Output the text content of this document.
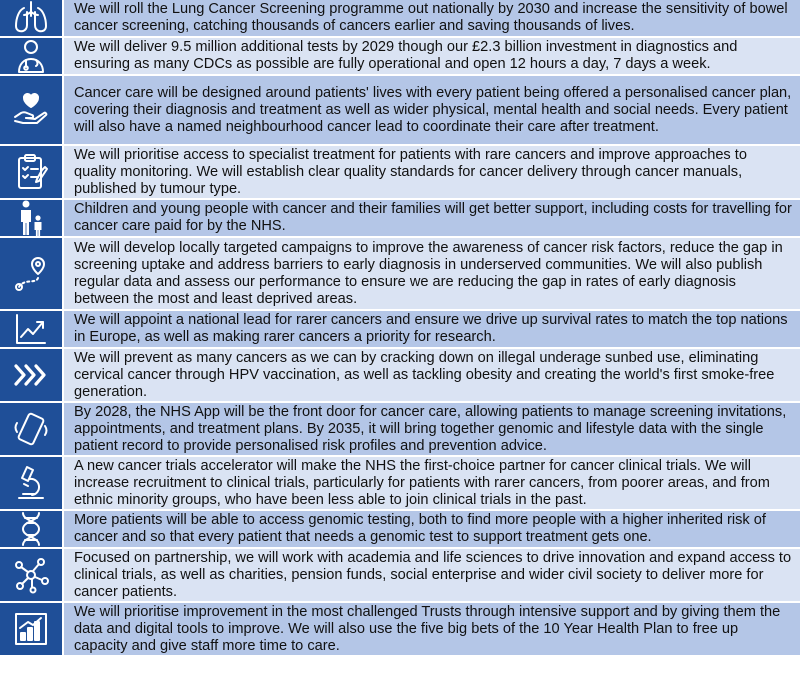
We will roll the Lung Cancer Screening programme out nationally by 2030 and increase the sensitivity of bowel cancer screening, catching thousands of cancers earlier and saving thousands of lives.
We will deliver 9.5 million additional tests by 2029 though our £2.3 billion investment in diagnostics and ensuring as many CDCs as possible are fully operational and open 12 hours a day, 7 days a week.
Cancer care will be designed around patients' lives with every patient being offered a personalised cancer plan, covering their diagnosis and treatment as well as wider physical, mental health and social needs. Every patient will also have a named neighbourhood cancer lead to coordinate their care after treatment.
We will prioritise access to specialist treatment for patients with rare cancers and improve approaches to quality monitoring. We will establish clear quality standards for cancer delivery through cancer manuals, published by tumour type.
Children and young people with cancer and their families will get better support, including costs for travelling for cancer care paid for by the NHS.
We will develop locally targeted campaigns to improve the awareness of cancer risk factors, reduce the gap in screening uptake and address barriers to early diagnosis in underserved communities. We will also publish regular data and assess our performance to ensure we are reducing the gap in rates of early diagnosis between the most and least deprived areas.
We will appoint a national lead for rarer cancers and ensure we drive up survival rates to match the top nations in Europe, as well as making rarer cancers a priority for research.
We will prevent as many cancers as we can by cracking down on illegal underage sunbed use, eliminating cervical cancer through HPV vaccination, as well as tackling obesity and creating the world's first smoke-free generation.
By 2028, the NHS App will be the front door for cancer care, allowing patients to manage screening invitations, appointments, and treatment plans. By 2035, it will bring together genomic and lifestyle data with the single patient record to provide personalised risk profiles and prevention advice.
A new cancer trials accelerator will make the NHS the first-choice partner for cancer clinical trials. We will increase recruitment to clinical trials, particularly for patients with rarer cancers, from poorer areas, and from ethnic minority groups, who have been less able to join clinical trials in the past.
More patients will be able to access genomic testing, both to find more people with a higher inherited risk of cancer and so that every patient that needs a genomic test to support treatment gets one.
Focused on partnership, we will work with academia and life sciences to drive innovation and expand access to clinical trials, as well as charities, pension funds, social enterprise and wider civil society to deliver more for cancer patients.
We will prioritise improvement in the most challenged Trusts through intensive support and by giving them the data and digital tools to improve. We will also use the five big bets of the 10 Year Health Plan to free up capacity and give staff more time to care.
